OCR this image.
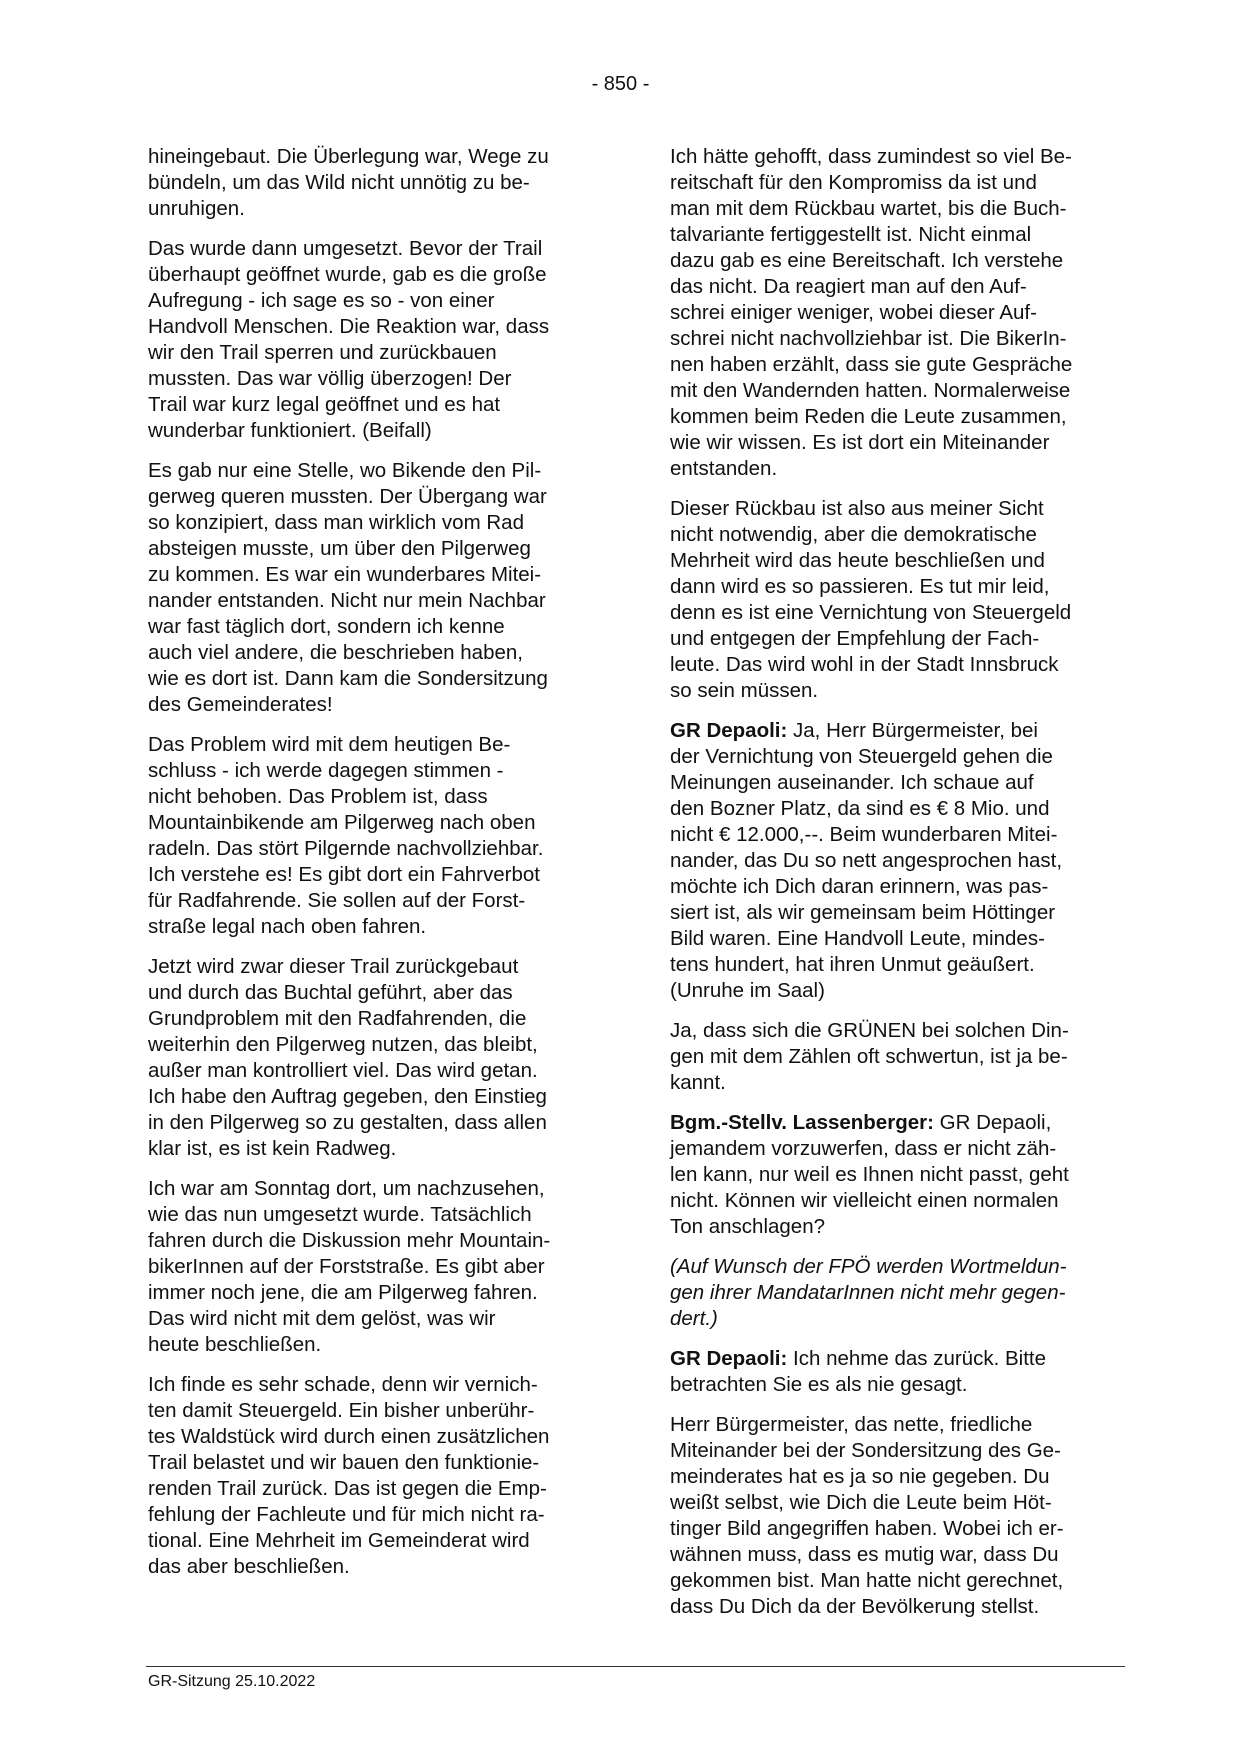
- 850 -
hineingebaut. Die Überlegung war, Wege zu
bündeln, um das Wild nicht unnötig zu be-
unruhigen.
Das wurde dann umgesetzt. Bevor der Trail
überhaupt geöffnet wurde, gab es die große
Aufregung - ich sage es so - von einer
Handvoll Menschen. Die Reaktion war, dass
wir den Trail sperren und zurückbauen
mussten. Das war völlig überzogen! Der
Trail war kurz legal geöffnet und es hat
wunderbar funktioniert. (Beifall)
Es gab nur eine Stelle, wo Bikende den Pil-
gerweg queren mussten. Der Übergang war
so konzipiert, dass man wirklich vom Rad
absteigen musste, um über den Pilgerweg
zu kommen. Es war ein wunderbares Mitei-
nander entstanden. Nicht nur mein Nachbar
war fast täglich dort, sondern ich kenne
auch viel andere, die beschrieben haben,
wie es dort ist. Dann kam die Sondersitzung
des Gemeinderates!
Das Problem wird mit dem heutigen Be-
schluss - ich werde dagegen stimmen -
nicht behoben. Das Problem ist, dass
Mountainbikende am Pilgerweg nach oben
radeln. Das stört Pilgernde nachvollziehbar.
Ich verstehe es! Es gibt dort ein Fahrverbot
für Radfahrende. Sie sollen auf der Forst-
straße legal nach oben fahren.
Jetzt wird zwar dieser Trail zurückgebaut
und durch das Buchtal geführt, aber das
Grundproblem mit den Radfahrenden, die
weiterhin den Pilgerweg nutzen, das bleibt,
außer man kontrolliert viel. Das wird getan.
Ich habe den Auftrag gegeben, den Einstieg
in den Pilgerweg so zu gestalten, dass allen
klar ist, es ist kein Radweg.
Ich war am Sonntag dort, um nachzusehen,
wie das nun umgesetzt wurde. Tatsächlich
fahren durch die Diskussion mehr Mountain-
bikerInnen auf der Forststraße. Es gibt aber
immer noch jene, die am Pilgerweg fahren.
Das wird nicht mit dem gelöst, was wir
heute beschließen.
Ich finde es sehr schade, denn wir vernich-
ten damit Steuergeld. Ein bisher unberühr-
tes Waldstück wird durch einen zusätzlichen
Trail belastet und wir bauen den funktionie-
renden Trail zurück. Das ist gegen die Emp-
fehlung der Fachleute und für mich nicht ra-
tional. Eine Mehrheit im Gemeinderat wird
das aber beschließen.
Ich hätte gehofft, dass zumindest so viel Be-
reitschaft für den Kompromiss da ist und
man mit dem Rückbau wartet, bis die Buch-
talvariante fertiggestellt ist. Nicht einmal
dazu gab es eine Bereitschaft. Ich verstehe
das nicht. Da reagiert man auf den Auf-
schrei einiger weniger, wobei dieser Auf-
schrei nicht nachvollziehbar ist. Die BikerIn-
nen haben erzählt, dass sie gute Gespräche
mit den Wandernden hatten. Normalerweise
kommen beim Reden die Leute zusammen,
wie wir wissen. Es ist dort ein Miteinander
entstanden.
Dieser Rückbau ist also aus meiner Sicht
nicht notwendig, aber die demokratische
Mehrheit wird das heute beschließen und
dann wird es so passieren. Es tut mir leid,
denn es ist eine Vernichtung von Steuergeld
und entgegen der Empfehlung der Fach-
leute. Das wird wohl in der Stadt Innsbruck
so sein müssen.
GR Depaoli: Ja, Herr Bürgermeister, bei
der Vernichtung von Steuergeld gehen die
Meinungen auseinander. Ich schaue auf
den Bozner Platz, da sind es € 8 Mio. und
nicht € 12.000,--. Beim wunderbaren Mitei-
nander, das Du so nett angesprochen hast,
möchte ich Dich daran erinnern, was pas-
siert ist, als wir gemeinsam beim Höttinger
Bild waren. Eine Handvoll Leute, mindes-
tens hundert, hat ihren Unmut geäußert.
(Unruhe im Saal)
Ja, dass sich die GRÜNEN bei solchen Din-
gen mit dem Zählen oft schwertun, ist ja be-
kannt.
Bgm.-Stellv. Lassenberger: GR Depaoli,
jemandem vorzuwerfen, dass er nicht zäh-
len kann, nur weil es Ihnen nicht passt, geht
nicht. Können wir vielleicht einen normalen
Ton anschlagen?
(Auf Wunsch der FPÖ werden Wortmeldun-
gen ihrer MandatarInnen nicht mehr gegen-
dert.)
GR Depaoli: Ich nehme das zurück. Bitte
betrachten Sie es als nie gesagt.
Herr Bürgermeister, das nette, friedliche
Miteinander bei der Sondersitzung des Ge-
meinderates hat es ja so nie gegeben. Du
weißt selbst, wie Dich die Leute beim Höt-
tinger Bild angegriffen haben. Wobei ich er-
wähnen muss, dass es mutig war, dass Du
gekommen bist. Man hatte nicht gerechnet,
dass Du Dich da der Bevölkerung stellst.
GR-Sitzung 25.10.2022
